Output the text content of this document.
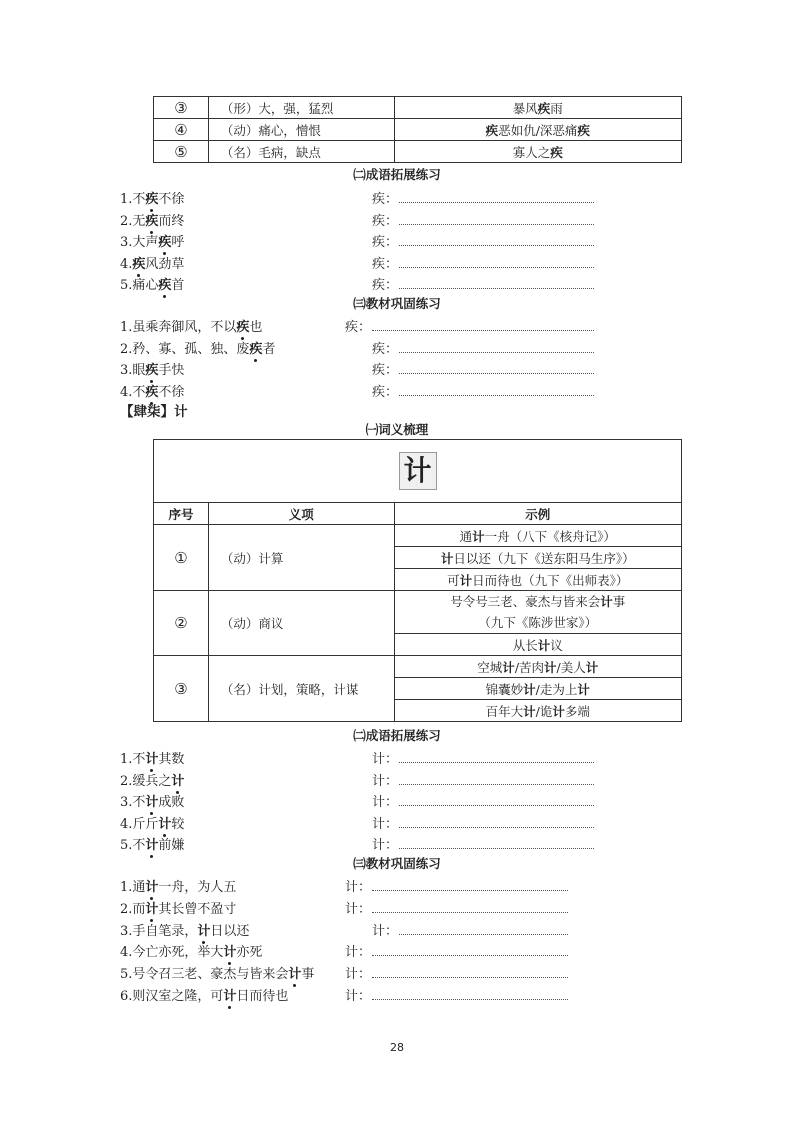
③	（形）大，强，猛烈	暴风疾雨
④	（动）痛心，憎恨	疾恶如仇/深恶痛疾
⑤	（名）毛病，缺点	寡人之疾
㈡成语拓展练习
1.不疾不徐	疾：
2.无疾而终	疾：
3.大声疾呼	疾：
4.疾风劲草	疾：
5.痛心疾首	疾：
㈢教材巩固练习
1.虽乘奔御风，不以疾也	疾：
2.矜、寡、孤、独、废疾者	疾：
3.眼疾手快	疾：
4.不疾不徐	疾：
【肆柒】计
㈠词义梳理
计		
序号	义项	示例
①	（动）计算	通计一舟（八下《核舟记》）
		计日以还（九下《送东阳马生序》）
		可计日而待也（九下《出师表》）
②	（动）商议	号令号三老、豪杰与皆来会计事
（九下《陈涉世家》）
		从长计议
③	（名）计划，策略，计谋	空城计/苦肉计/美人计
		锦囊妙计/走为上计
		百年大计/诡计多端
㈡成语拓展练习
1.不计其数	计：
2.缓兵之计	计：
3.不计成败	计：
4.斤斤计较	计：
5.不计前嫌	计：
㈢教材巩固练习
1.通计一舟，为人五	计：
2.而计其长曾不盈寸	计：
3.手自笔录，计日以还	计：
4.今亡亦死，举大计亦死	计：
5.号令召三老、豪杰与皆来会计事 计：
6.则汉室之隆，可计日而待也	计：
28
